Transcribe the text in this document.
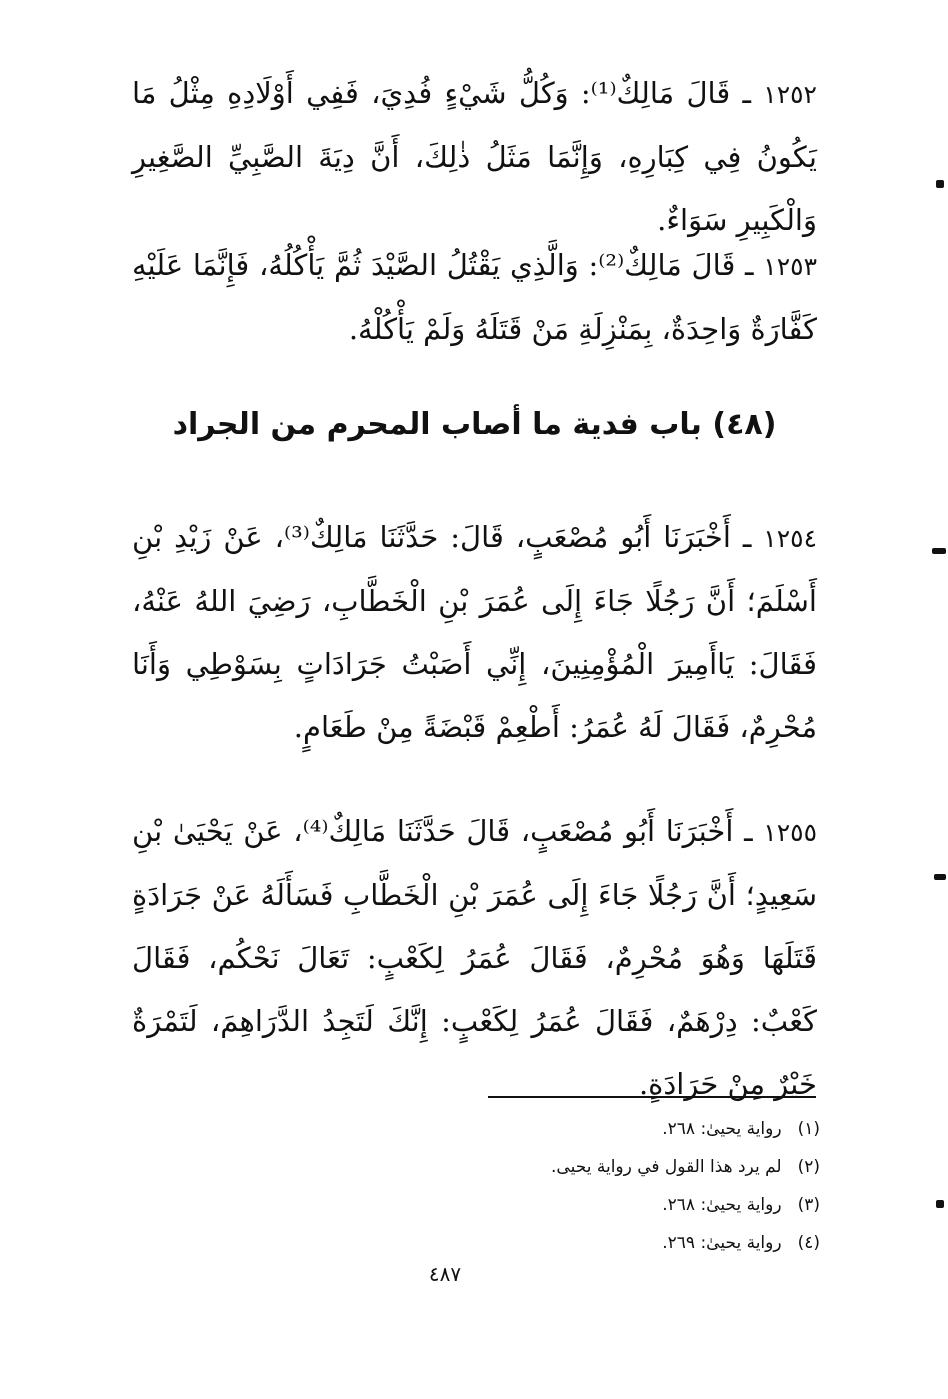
١٢٥٢ ـ قَالَ مَالِكٌ⁽¹⁾: وَكُلُّ شَيْءٍ فُدِيَ، فَفِي أَوْلَادِهِ مِثْلُ مَا يَكُونُ فِي كِبَارِهِ، وَإِنَّمَا مَثَلُ ذٰلِكَ، أَنَّ دِيَةَ الصَّبِيِّ الصَّغِيرِ وَالْكَبِيرِ سَوَاءٌ.

١٢٥٣ ـ قَالَ مَالِكٌ⁽²⁾: وَالَّذِي يَقْتُلُ الصَّيْدَ ثُمَّ يَأْكُلُهُ، فَإِنَّمَا عَلَيْهِ كَفَّارَةٌ وَاحِدَةٌ، بِمَنْزِلَةِ مَنْ قَتَلَهُ وَلَمْ يَأْكُلْهُ.

(٤٨) باب فدية ما أصاب المحرم من الجراد

١٢٥٤ ـ أَخْبَرَنَا أَبُو مُصْعَبٍ، قَالَ: حَدَّثَنَا مَالِكٌ⁽³⁾، عَنْ زَيْدِ بْنِ أَسْلَمَ؛ أَنَّ رَجُلًا جَاءَ إِلَى عُمَرَ بْنِ الْخَطَّابِ، رَضِيَ اللهُ عَنْهُ، فَقَالَ: يَاأَمِيرَ الْمُؤْمِنِينَ، إِنِّي أَصَبْتُ جَرَادَاتٍ بِسَوْطِي وَأَنَا مُحْرِمٌ، فَقَالَ لَهُ عُمَرُ: أَطْعِمْ قَبْضَةً مِنْ طَعَامٍ.

١٢٥٥ ـ أَخْبَرَنَا أَبُو مُصْعَبٍ، قَالَ حَدَّثَنَا مَالِكٌ⁽⁴⁾، عَنْ يَحْيَىٰ بْنِ سَعِيدٍ؛ أَنَّ رَجُلًا جَاءَ إِلَى عُمَرَ بْنِ الْخَطَّابِ فَسَأَلَهُ عَنْ جَرَادَةٍ قَتَلَهَا وَهُوَ مُحْرِمٌ، فَقَالَ عُمَرُ لِكَعْبٍ: تَعَالَ نَحْكُم، فَقَالَ كَعْبٌ: دِرْهَمٌ، فَقَالَ عُمَرُ لِكَعْبٍ: إِنَّكَ لَتَجِدُ الدَّرَاهِمَ، لَتَمْرَةٌ خَيْرٌ مِنْ جَرَادَةٍ.

(١)رواية يحيىٰ: ٢٦٨.
(٢)لم يرد هذا القول في رواية يحيى.
(٣)رواية يحيىٰ: ٢٦٨.
(٤)رواية يحيىٰ: ٢٦٩.
٤٨٧
